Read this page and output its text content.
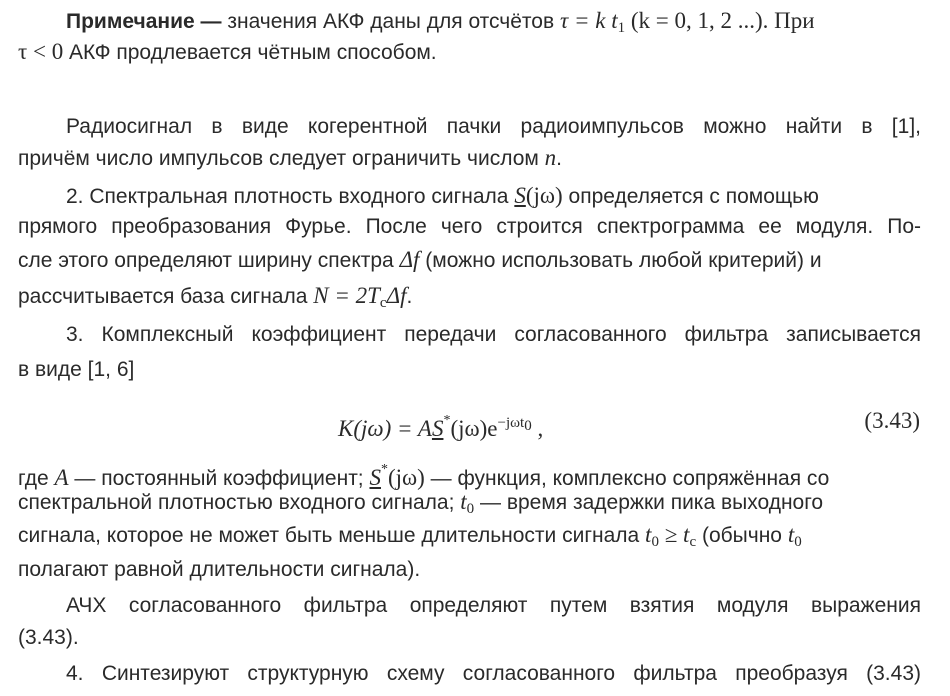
Примечание — значения АКФ даны для отсчётов τ = k $t_1$ (k = 0, 1, 2 ...). При
τ < 0 АКФ продлевается чётным способом.
Радиосигнал в виде когерентной пачки радиоимпульсов можно найти в [1],
причём число импульсов следует ограничить числом n.
2. Спектральная плотность входного сигнала S(jω) определяется с помощью
прямого преобразования Фурье. После чего строится спектрограмма ее модуля. По-
сле этого определяют ширину спектра Δf (можно использовать любой критерий) и
рассчитывается база сигнала $N = 2T_c\Delta f$.
3. Комплексный коэффициент передачи согласованного фильтра записывается
в виде [1, 6]
$K(j\omega) = AS^*(j\omega)e^{-j\omega t0}$ ,	(3.43)
где A — постоянный коэффициент; S*(jω) — функция, комплексно сопряжённая со
спектральной плотностью входного сигнала; $t_0$ — время задержки пика выходного
сигнала, которое не может быть меньше длительности сигнала $t_0 \ge t_c$ (обычно $t_0$
полагают равной длительности сигнала).
АЧХ согласованного фильтра определяют путем взятия модуля выражения
(3.43).
4. Синтезируют структурную схему согласованного фильтра преобразуя (3.43)
